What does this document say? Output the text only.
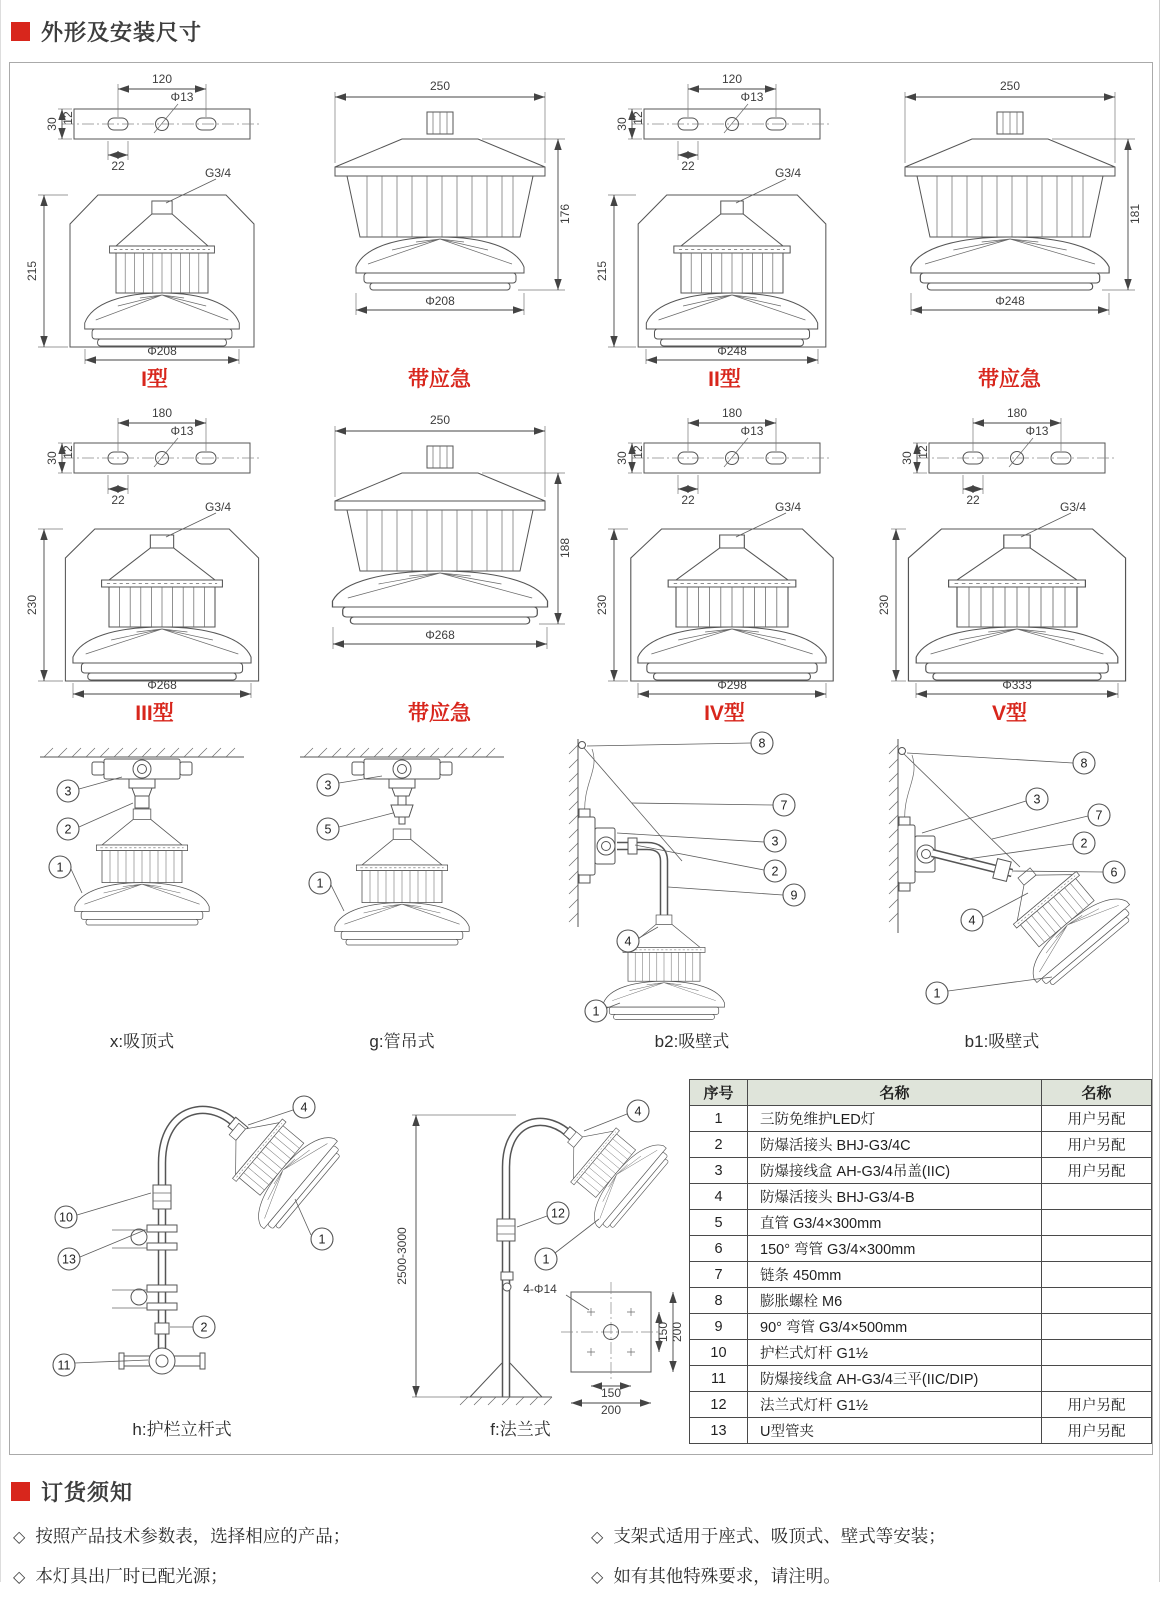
外形及安装尺寸
120
Φ13
30 12
22	G3/4
215
Φ208
I型
250
176
Φ208
带应急
120
Φ13
30 12
22	G3/4
215
Φ248
II型
250
181
Φ248
带应急
180
Φ13
30 12
22	G3/4
230
Φ268
III型
250
188
Φ268
带应急
180
Φ13
30 12
22	G3/4
230
Φ298
IV型
180
Φ13
30 12
22	G3/4
230
Φ333
V型
3
2
1
x:吸顶式
3
5
1
g:管吊式
8
7
3
2
9
4
1
b2:吸壁式
8
3
7
2
6
4
1
b1:吸壁式
4
1
10
13
2
11
h:护栏立杆式
2500-3000
4-Φ14
150 200
150
200
4
12
1
f:法兰式
序号	名称	名称
1	三防免维护LED灯	用户另配
2	防爆活接头 BHJ-G3/4C	用户另配
3	防爆接线盒 AH-G3/4吊盖(IIC)	用户另配
4	防爆活接头 BHJ-G3/4-B	
5	直管 G3/4×300mm	
6	150° 弯管 G3/4×300mm	
7	链条 450mm	
8	膨胀螺栓 M6	
9	90° 弯管 G3/4×500mm	
10	护栏式灯杆 G1½	
11	防爆接线盒 AH-G3/4三平(IIC/DIP)	
12	法兰式灯杆 G1½	用户另配
13	U型管夹	用户另配
订货须知
◇ 按照产品技术参数表，选择相应的产品；
◇ 本灯具出厂时已配光源；
◇ 支架式适用于座式、吸顶式、壁式等安装；
◇ 如有其他特殊要求，请注明。
